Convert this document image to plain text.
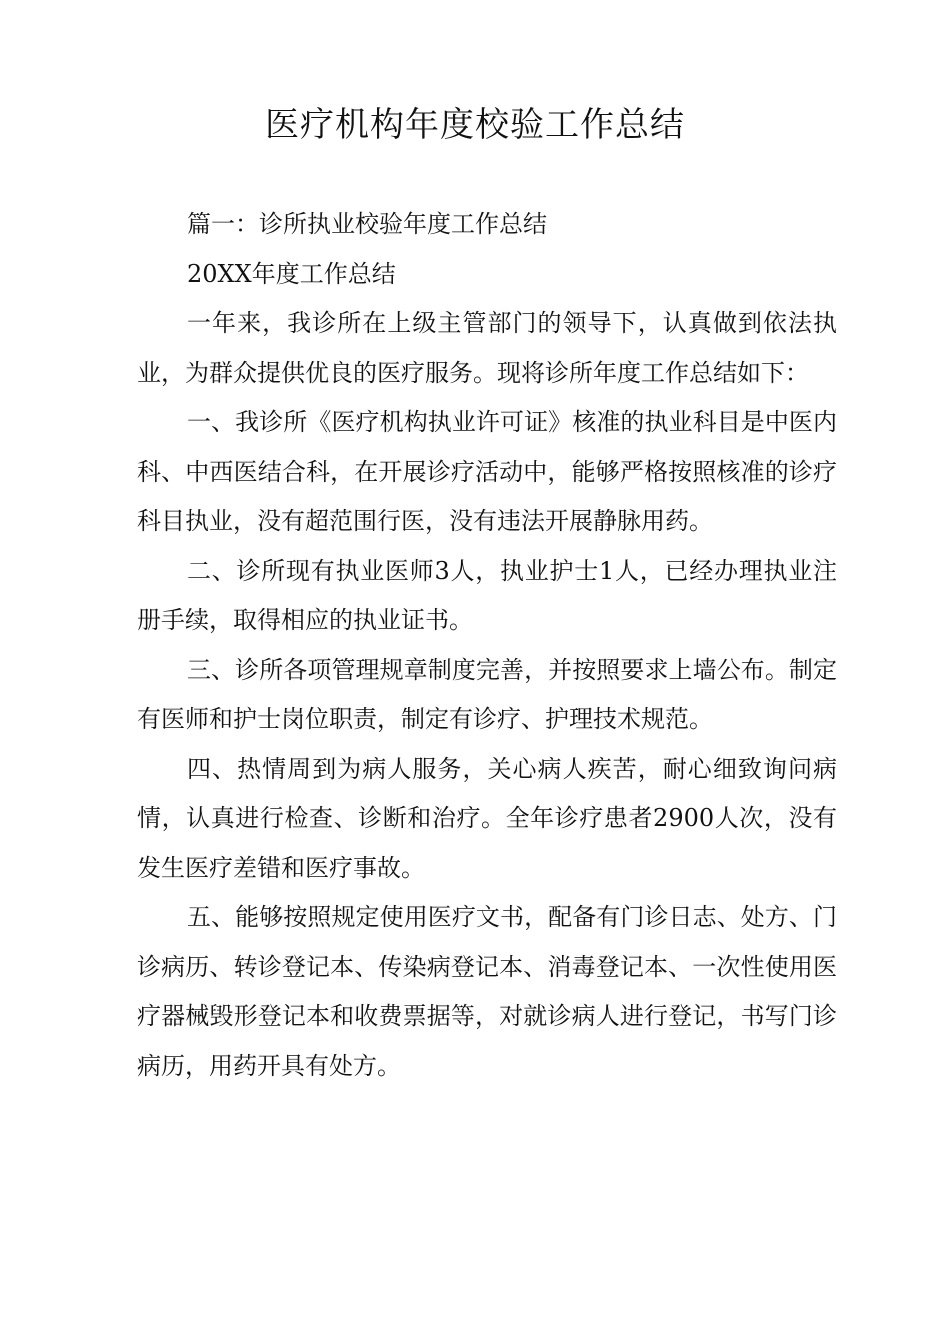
医疗机构年度校验工作总结

篇一：诊所执业校验年度工作总结

20XX年度工作总结

一年来，我诊所在上级主管部门的领导下，认真做到依法执业，为群众提供优良的医疗服务。现将诊所年度工作总结如下：

一、我诊所《医疗机构执业许可证》核准的执业科目是中医内科、中西医结合科，在开展诊疗活动中，能够严格按照核准的诊疗科目执业，没有超范围行医，没有违法开展静脉用药。

二、诊所现有执业医师3人，执业护士1人，已经办理执业注册手续，取得相应的执业证书。

三、诊所各项管理规章制度完善，并按照要求上墙公布。制定有医师和护士岗位职责，制定有诊疗、护理技术规范。

四、热情周到为病人服务，关心病人疾苦，耐心细致询问病情，认真进行检查、诊断和治疗。全年诊疗患者2900人次，没有发生医疗差错和医疗事故。

五、能够按照规定使用医疗文书，配备有门诊日志、处方、门诊病历、转诊登记本、传染病登记本、消毒登记本、一次性使用医疗器械毁形登记本和收费票据等，对就诊病人进行登记，书写门诊病历，用药开具有处方。
